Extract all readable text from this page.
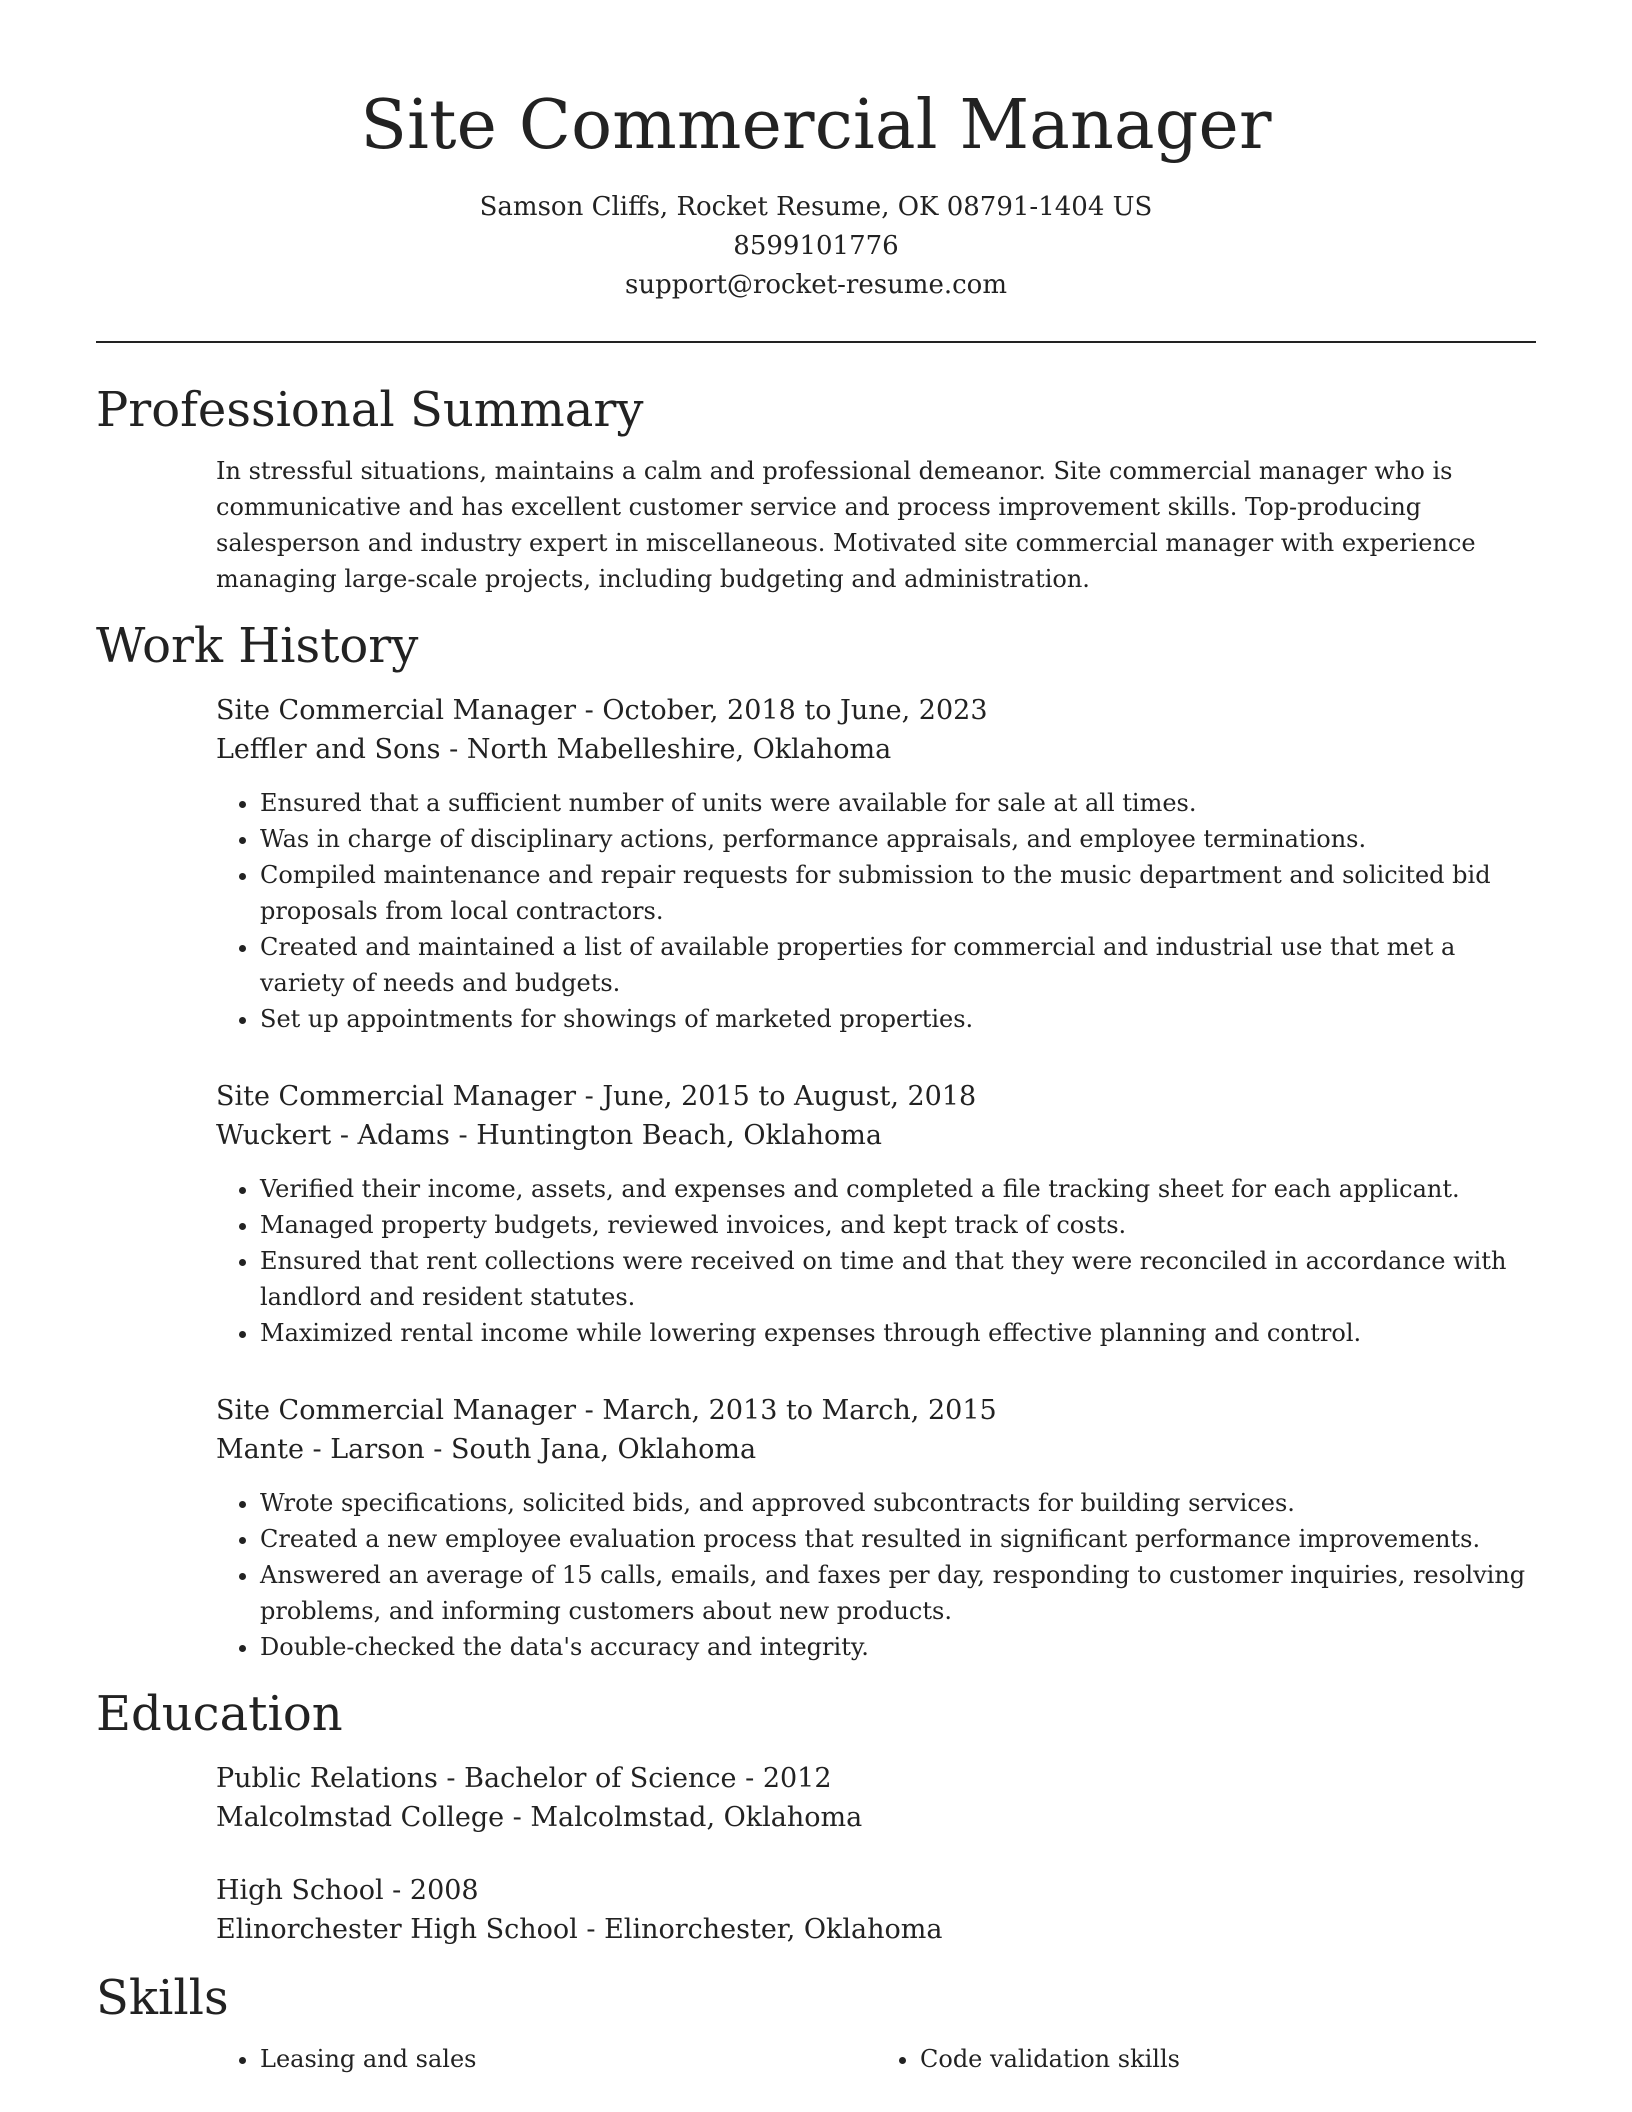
Site Commercial Manager
Samson Cliffs, Rocket Resume, OK 08791-1404 US
8599101776
support@rocket-resume.com
Professional Summary

In stressful situations, maintains a calm and professional demeanor. Site commercial manager who is communicative and has excellent customer service and process improvement skills. Top-producing salesperson and industry expert in miscellaneous. Motivated site commercial manager with experience managing large-scale projects, including budgeting and administration.

Work History
Site Commercial Manager - October, 2018 to June, 2023
Leffler and Sons - North Mabelleshire, Oklahoma
• Ensured that a sufficient number of units were available for sale at all times.
• Was in charge of disciplinary actions, performance appraisals, and employee terminations.
• Compiled maintenance and repair requests for submission to the music department and solicited bid proposals from local contractors.
• Created and maintained a list of available properties for commercial and industrial use that met a variety of needs and budgets.
• Set up appointments for showings of marketed properties.
Site Commercial Manager - June, 2015 to August, 2018
Wuckert - Adams - Huntington Beach, Oklahoma
• Verified their income, assets, and expenses and completed a file tracking sheet for each applicant.
• Managed property budgets, reviewed invoices, and kept track of costs.
• Ensured that rent collections were received on time and that they were reconciled in accordance with landlord and resident statutes.
• Maximized rental income while lowering expenses through effective planning and control.
Site Commercial Manager - March, 2013 to March, 2015
Mante - Larson - South Jana, Oklahoma
• Wrote specifications, solicited bids, and approved subcontracts for building services.
• Created a new employee evaluation process that resulted in significant performance improvements.
• Answered an average of 15 calls, emails, and faxes per day, responding to customer inquiries, resolving problems, and informing customers about new products.
• Double-checked the data's accuracy and integrity.
Education
Public Relations - Bachelor of Science - 2012
Malcolmstad College - Malcolmstad, Oklahoma
High School - 2008
Elinorchester High School - Elinorchester, Oklahoma
Skills
• Leasing and sales
•	Code validation skills
